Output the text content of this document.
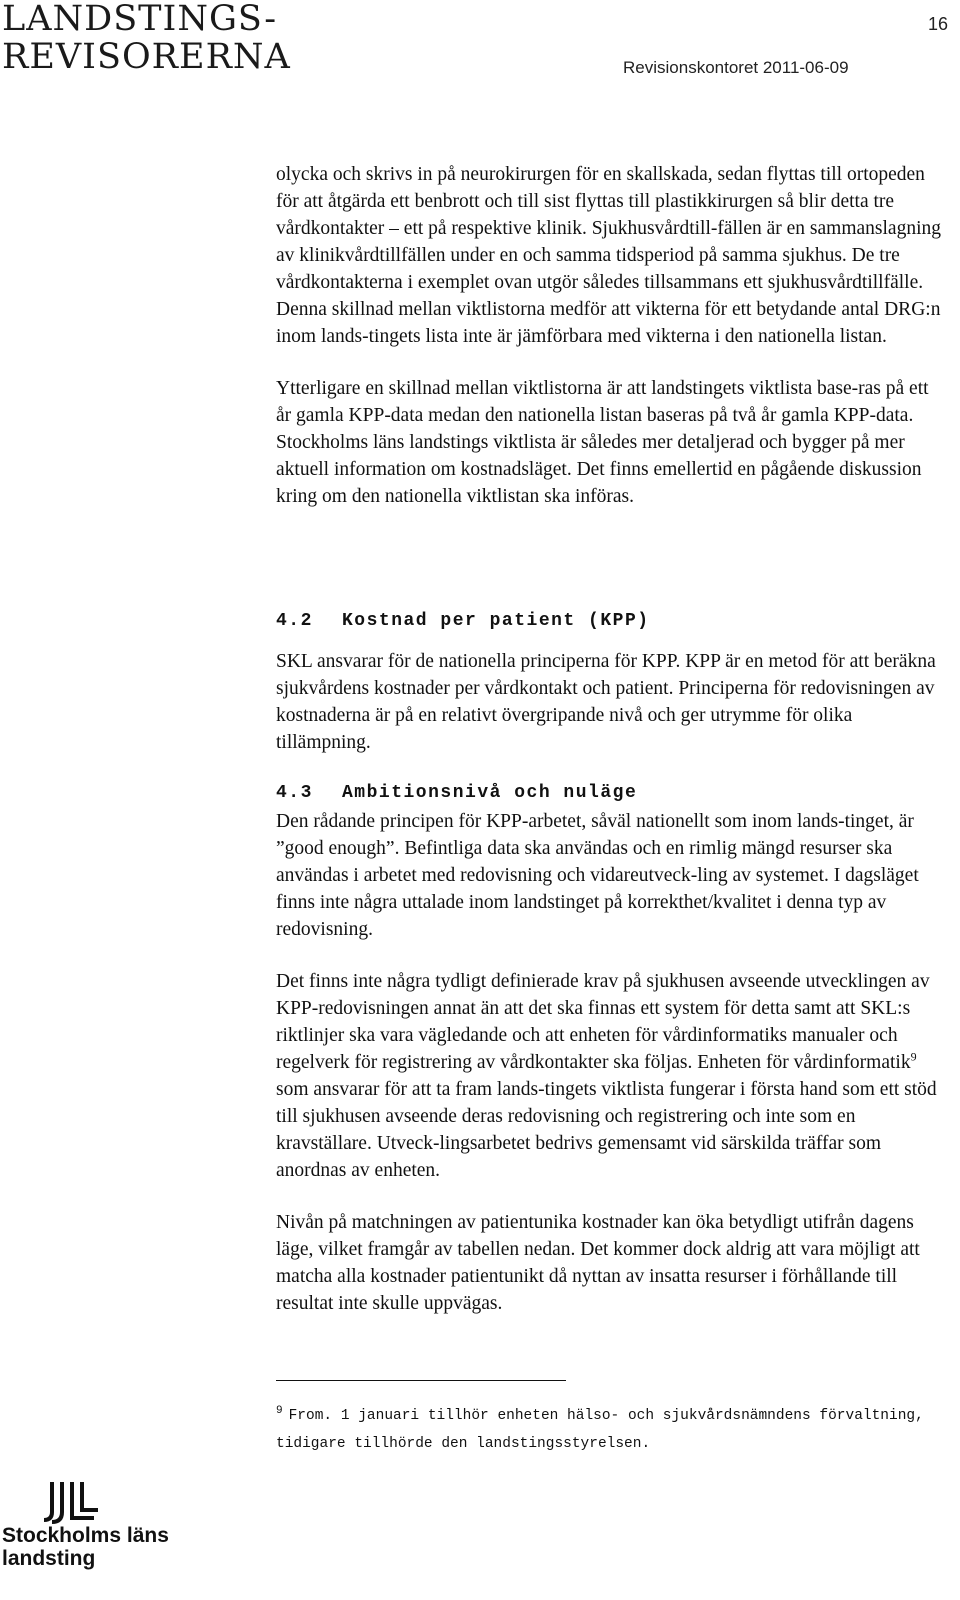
LANDSTINGS-
REVISORERNA
16
Revisionskontoret 2011-06-09

olycka och skrivs in på neurokirurgen för en skallskada, sedan flyttas till ortopeden för att åtgärda ett benbrott och till sist flyttas till plastikkirurgen så blir detta tre vårdkontakter – ett på respektive klinik. Sjukhusvårdtill-fällen är en sammanslagning av klinikvårdtillfällen under en och samma tidsperiod på samma sjukhus. De tre vårdkontakterna i exemplet ovan utgör således tillsammans ett sjukhusvårdtillfälle. Denna skillnad mellan viktlistorna medför att vikterna för ett betydande antal DRG:n inom lands-tingets lista inte är jämförbara med vikterna i den nationella listan.

Ytterligare en skillnad mellan viktlistorna är att landstingets viktlista base-ras på ett år gamla KPP-data medan den nationella listan baseras på två år gamla KPP-data. Stockholms läns landstings viktlista är således mer detaljerad och bygger på mer aktuell information om kostnadsläget. Det finns emellertid en pågående diskussion kring om den nationella viktlistan ska införas.

4.2 Kostnad per patient (KPP)

SKL ansvarar för de nationella principerna för KPP. KPP är en metod för att beräkna sjukvårdens kostnader per vårdkontakt och patient. Principerna för redovisningen av kostnaderna är på en relativt övergripande nivå och ger utrymme för olika tillämpning.

4.3 Ambitionsnivå och nuläge

Den rådande principen för KPP-arbetet, såväl nationellt som inom lands-tinget, är ”good enough”. Befintliga data ska användas och en rimlig mängd resurser ska användas i arbetet med redovisning och vidareutveck-ling av systemet. I dagsläget finns inte några uttalade inom landstinget på korrekthet/kvalitet i denna typ av redovisning.

Det finns inte några tydligt definierade krav på sjukhusen avseende utvecklingen av KPP-redovisningen annat än att det ska finnas ett system för detta samt att SKL:s riktlinjer ska vara vägledande och att enheten för vårdinformatiks manualer och regelverk för registrering av vårdkontakter ska följas. Enheten för vårdinformatik$^9$ som ansvarar för att ta fram lands-tingets viktlista fungerar i första hand som ett stöd till sjukhusen avseende deras redovisning och registrering och inte som en kravställare. Utveck-lingsarbetet bedrivs gemensamt vid särskilda träffar som anordnas av enheten.

Nivån på matchningen av patientunika kostnader kan öka betydligt utifrån dagens läge, vilket framgår av tabellen nedan. Det kommer dock aldrig att vara möjligt att matcha alla kostnader patientunikt då nyttan av insatta resurser i förhållande till resultat inte skulle uppvägas.

$^9$ From. 1 januari tillhör enheten hälso- och sjukvårdsnämndens förvaltning, tidigare tillhörde den landstingsstyrelsen.
Stockholms läns
landsting
